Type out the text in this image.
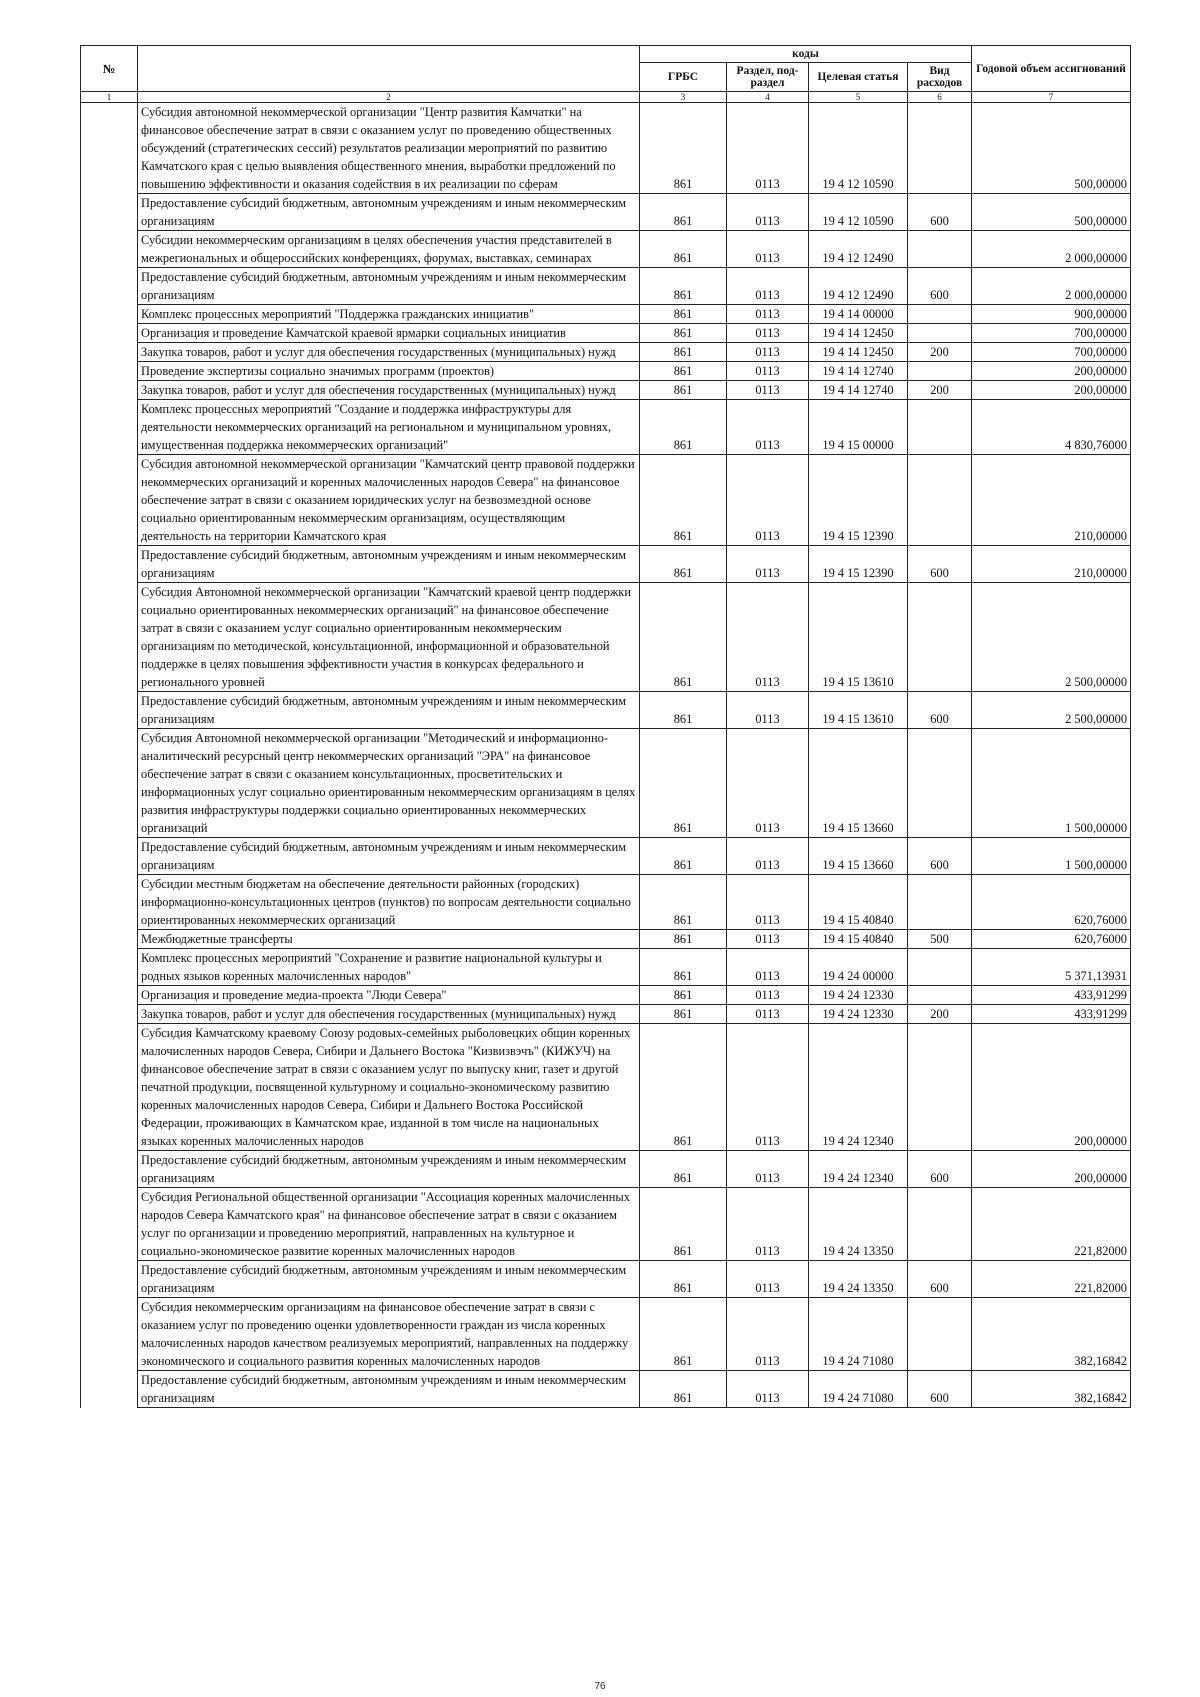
№		коды				Годовой объем ассигнований
		ГРБС	Раздел, под- раздел	Целевая статья	Вид расходов	
1	2	3	4	5	6	7
	Субсидия автономной некоммерческой организации "Центр развития Камчатки" на финансовое обеспечение затрат в связи с оказанием услуг по проведению общественных обсуждений (стратегических сессий) результатов реализации мероприятий по развитию Камчатского края с целью выявления общественного мнения, выработки предложений по повышению эффективности и оказания содействия в их реализации по сферам	861	0113	19 4 12 10590		500,00000
	Предоставление субсидий бюджетным, автономным учреждениям и иным некоммерческим организациям	861	0113	19 4 12 10590	600	500,00000
	Субсидии некоммерческим организациям в целях обеспечения участия представителей в межрегиональных и общероссийских конференциях, форумах, выставках, семинарах	861	0113	19 4 12 12490		2 000,00000
	Предоставление субсидий бюджетным, автономным учреждениям и иным некоммерческим организациям	861	0113	19 4 12 12490	600	2 000,00000
	Комплекс процессных мероприятий "Поддержка гражданских инициатив"	861	0113	19 4 14 00000		900,00000
	Организация и проведение Камчатской краевой ярмарки социальных инициатив	861	0113	19 4 14 12450		700,00000
	Закупка товаров, работ и услуг для обеспечения государственных (муниципальных) нужд	861	0113	19 4 14 12450	200	700,00000
	Проведение экспертизы социально значимых программ (проектов)	861	0113	19 4 14 12740		200,00000
	Закупка товаров, работ и услуг для обеспечения государственных (муниципальных) нужд	861	0113	19 4 14 12740	200	200,00000
	Комплекс процессных мероприятий "Создание и поддержка инфраструктуры для деятельности некоммерческих организаций на региональном и муниципальном уровнях, имущественная поддержка некоммерческих организаций"	861	0113	19 4 15 00000		4 830,76000
	Субсидия автономной некоммерческой организации "Камчатский центр правовой поддержки некоммерческих организаций и коренных малочисленных народов Севера" на финансовое обеспечение затрат в связи с оказанием юридических услуг на безвозмездной основе социально ориентированным некоммерческим организациям, осуществляющим деятельность на территории Камчатского края	861	0113	19 4 15 12390		210,00000
	Предоставление субсидий бюджетным, автономным учреждениям и иным некоммерческим организациям	861	0113	19 4 15 12390	600	210,00000
	Субсидия Автономной некоммерческой организации "Камчатский краевой центр поддержки социально ориентированных некоммерческих организаций" на финансовое обеспечение затрат в связи с оказанием услуг социально ориентированным некоммерческим организациям по методической, консультационной, информационной и образовательной поддержке в целях повышения эффективности участия в конкурсах федерального и регионального уровней	861	0113	19 4 15 13610		2 500,00000
	Предоставление субсидий бюджетным, автономным учреждениям и иным некоммерческим организациям	861	0113	19 4 15 13610	600	2 500,00000
	Субсидия Автономной некоммерческой организации "Методический и информационно-аналитический ресурсный центр некоммерческих организаций "ЭРА" на финансовое обеспечение затрат в связи с оказанием консультационных, просветительских и информационных услуг социально ориентированным некоммерческим организациям в целях развития инфраструктуры поддержки социально ориентированных некоммерческих организаций	861	0113	19 4 15 13660		1 500,00000
	Предоставление субсидий бюджетным, автономным учреждениям и иным некоммерческим организациям	861	0113	19 4 15 13660	600	1 500,00000
	Субсидии местным бюджетам на обеспечение деятельности районных (городских) информационно-консультационных центров (пунктов) по вопросам деятельности социально ориентированных некоммерческих организаций	861	0113	19 4 15 40840		620,76000
	Межбюджетные трансферты	861	0113	19 4 15 40840	500	620,76000
	Комплекс процессных мероприятий "Сохранение и развитие национальной культуры и родных языков коренных малочисленных народов"	861	0113	19 4 24 00000		5 371,13931
	Организация и проведение медиа-проекта "Люди Севера"	861	0113	19 4 24 12330		433,91299
	Закупка товаров, работ и услуг для обеспечения государственных (муниципальных) нужд	861	0113	19 4 24 12330	200	433,91299
	Субсидия Камчатскому краевому Союзу родовых-семейных рыболовецких общин коренных малочисленных народов Севера, Сибири и Дальнего Востока "Кизвизвэчъ" (КИЖУЧ) на финансовое обеспечение затрат в связи с оказанием услуг по выпуску книг, газет и другой печатной продукции, посвященной культурному и социально-экономическому развитию коренных малочисленных народов Севера, Сибири и Дальнего Востока Российской Федерации, проживающих в Камчатском крае, изданной в том числе на национальных языках коренных малочисленных народов	861	0113	19 4 24 12340		200,00000
	Предоставление субсидий бюджетным, автономным учреждениям и иным некоммерческим организациям	861	0113	19 4 24 12340	600	200,00000
	Субсидия Региональной общественной организации "Ассоциация коренных малочисленных народов Севера Камчатского края" на финансовое обеспечение затрат в связи с оказанием услуг по организации и проведению мероприятий, направленных на культурное и социально-экономическое развитие коренных малочисленных народов	861	0113	19 4 24 13350		221,82000
	Предоставление субсидий бюджетным, автономным учреждениям и иным некоммерческим организациям	861	0113	19 4 24 13350	600	221,82000
	Субсидия некоммерческим организациям на финансовое обеспечение затрат в связи с оказанием услуг по проведению оценки удовлетворенности граждан из числа коренных малочисленных народов качеством реализуемых мероприятий, направленных на поддержку экономического и социального развития коренных малочисленных народов	861	0113	19 4 24 71080		382,16842
	Предоставление субсидий бюджетным, автономным учреждениям и иным некоммерческим организациям	861	0113	19 4 24 71080	600	382,16842
76
